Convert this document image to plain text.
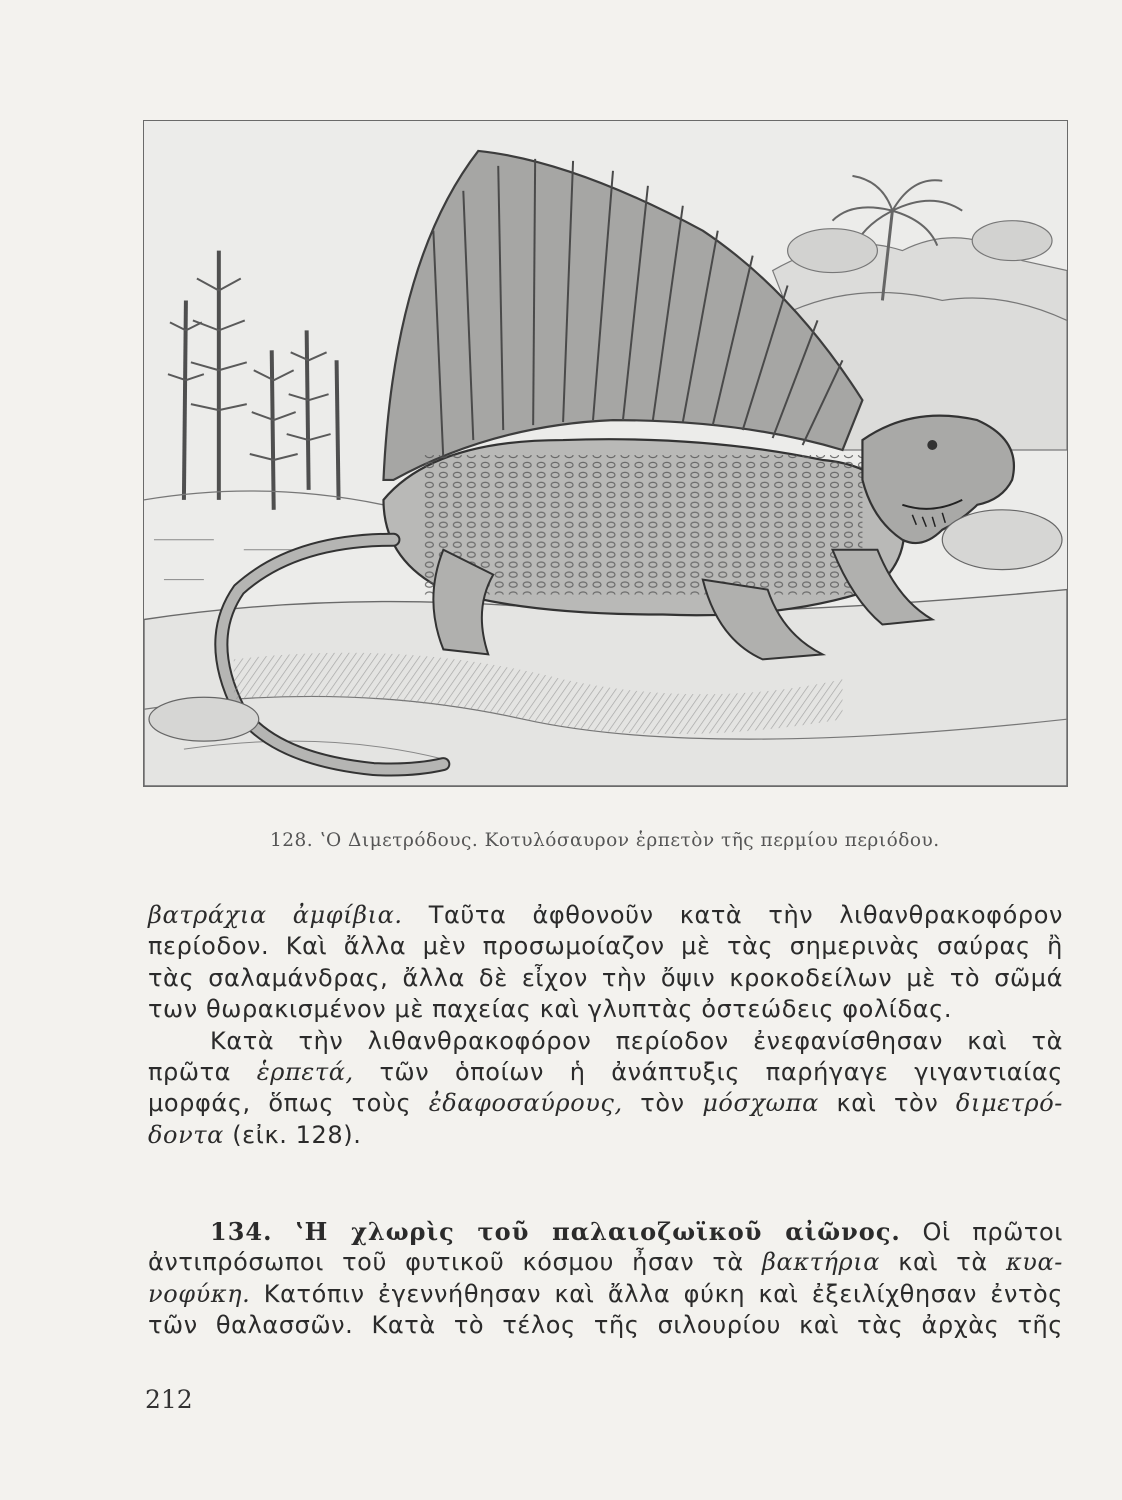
128. ʽΟ Διμετρόδους. Κοτυλόσαυρον ἑρπετὸν τῆς περμίου περιόδου.
βατράχια ἀμφίβια. Ταῦτα ἀφθονοῦν κατὰ τὴν λιθανθρακοφόρον
περίοδον. Καὶ ἄλλα μὲν προσωμοίαζον μὲ τὰς σημερινὰς σαύρας ἢ
τὰς σαλαμάνδρας, ἄλλα δὲ εἶχον τὴν ὄψιν κροκοδείλων μὲ τὸ σῶμά
των θωρακισμένον μὲ παχείας καὶ γλυπτὰς ὀστεώδεις φολίδας.
Κατὰ τὴν λιθανθρακοφόρον περίοδον ἐνεφανίσθησαν καὶ τὰ
πρῶτα ἑρπετά, τῶν ὁποίων ἡ ἀνάπτυξις παρήγαγε γιγαντιαίας
μορφάς, ὅπως τοὺς ἐδαφοσαύρους, τὸν μόσχωπα καὶ τὸν διμετρό-
δοντα (εἰκ. 128).
134. ʽΗ χλωρὶς τοῦ παλαιοζωϊκοῦ αἰῶνος. Οἱ πρῶτοι
ἀντιπρόσωποι τοῦ φυτικοῦ κόσμου ἦσαν τὰ βακτήρια καὶ τὰ κυα-
νοφύκη. Κατόπιν ἐγεννήθησαν καὶ ἄλλα φύκη καὶ ἐξειλίχθησαν ἐντὸς
τῶν θαλασσῶν. Κατὰ τὸ τέλος τῆς σιλουρίου καὶ τὰς ἀρχὰς τῆς
212
